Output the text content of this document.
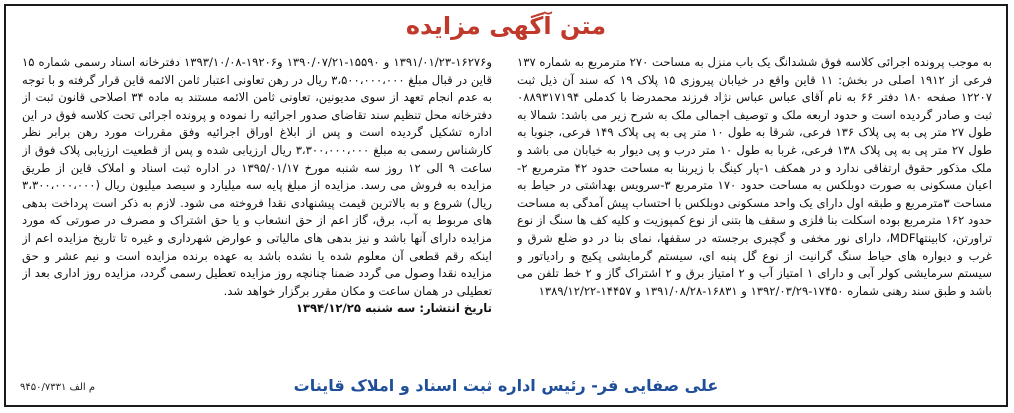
متن آگهی مزایده

به موجب پرونده اجرائی کلاسه فوق ششدانگ یک باب منزل به مساحت ۲۷۰ مترمربع به شماره ۱۳۷ فرعی از ۱۹۱۲ اصلی در بخش: ۱۱ قاین واقع در خیابان پیروزی ۱۵ پلاک ۱۹ که سند آن ذیل ثبت ۱۲۲۰۷ صفحه ۱۸۰ دفتر ۶۶ به نام آقای عباس عباس نژاد فرزند محمدرضا با کدملی ۰۸۸۹۳۱۷۱۹۴ ثبت و صادر گردیده است و حدود اربعه ملک و توصیف اجمالی ملک به شرح زیر می باشد: شمالا به طول ۲۷ متر پی به پی پلاک ۱۳۶ فرعی، شرقا به طول ۱۰ متر پی به پی پلاک ۱۴۹ فرعی، جنوبا به طول ۲۷ متر پی به پی پلاک ۱۳۸ فرعی، غربا به طول ۱۰ متر درب و پی دیوار به خیابان می باشد و ملک مذکور حقوق ارتفاقی ندارد و در همکف ۱-پار کینگ با زیربنا به مساحت حدود ۴۲ مترمربع ۲-اعیان مسکونی به صورت دوبلکس به مساحت حدود ۱۷۰ مترمربع ۳-سرویس بهداشتی در حیاط به مساحت ۳مترمربع و طبقه اول دارای یک واحد مسکونی دوبلکس با احتساب پیش آمدگی به مساحت حدود ۱۶۲ مترمربع بوده اسکلت بنا فلزی و سقف ها بتنی از نوع کمپوزیت و کلیه کف ها سنگ از نوع تراورتن، کابینتهاMDF، دارای نور مخفی و گچبری برجسته در سقفها، نمای بنا در دو ضلع شرق و غرب و دیواره های حیاط سنگ گرانیت از نوع گل پنبه ای، سیستم گرمایشی پکیج و رادیاتور و سیستم سرمایشی کولر آبی و دارای ۱ امتیاز آب و ۲ امتیاز برق و ۲ اشتراک گاز و ۲ خط تلفن می باشد و طبق سند رهنی شماره ۱۷۴۵۰-۱۳۹۲/۰۳/۲۹ و ۱۶۸۳۱-۱۳۹۱/۰۸/۲۸ و ۱۴۴۵۷-۱۳۸۹/۱۲/۲۲

و۱۶۲۷۶-۱۳۹۱/۰۱/۲۳ و ۱۵۵۹۰-۱۳۹۰/۰۷/۲۱ و۱۹۲۰۶-۱۳۹۳/۱۰/۰۸ دفترخانه اسناد رسمی شماره ۱۵ قاین در قبال مبلغ ۳،۵۰۰،۰۰۰،۰۰۰ ریال در رهن تعاونی اعتبار ثامن الائمه قاین قرار گرفته و با توجه به عدم انجام تعهد از سوی مدیونین، تعاونی ثامن الائمه مستند به ماده ۳۴ اصلاحی قانون ثبت از دفترخانه محل تنظیم سند تقاضای صدور اجرائیه را نموده و پرونده اجرائی تحت کلاسه فوق در این اداره تشکیل گردیده است و پس از ابلاغ اوراق اجرائیه وفق مقررات مورد رهن برابر نظر کارشناس رسمی به مبلغ ۳،۳۰۰،۰۰۰،۰۰۰ ریال ارزیابی شده و پس از قطعیت ارزیابی پلاک فوق از ساعت ۹ الی ۱۲ روز سه شنبه مورخ ۱۳۹۵/۰۱/۱۷ در اداره ثبت اسناد و املاک قاین از طریق مزایده به فروش می رسد. مزایده از مبلغ پایه سه میلیارد و سیصد میلیون ریال (۳،۳۰۰،۰۰۰،۰۰۰ ریال) شروع و به بالاترین قیمت پیشنهادی نقدا فروخته می شود. لازم به ذکر است پرداخت بدهی های مربوط به آب، برق، گاز اعم از حق انشعاب و یا حق اشتراک و مصرف در صورتی که مورد مزایده دارای آنها باشد و نیز بدهی های مالیاتی و عوارض شهرداری و غیره تا تاریخ مزایده اعم از اینکه رقم قطعی آن معلوم شده یا نشده باشد به عهده برنده مزایده است و نیم عشر و حق مزایده نقدا وصول می گردد ضمنا چنانچه روز مزایده تعطیل رسمی گردد، مزایده روز اداری بعد از تعطیلی در همان ساعت و مکان مقرر برگزار خواهد شد.

تاریخ انتشار: سه شنبه ۱۳۹۴/۱۲/۲۵

علی صفایی فر- رئیس اداره ثبت اسناد و املاک قاینات
م الف ۹۴۵۰/۷۳۳۱
